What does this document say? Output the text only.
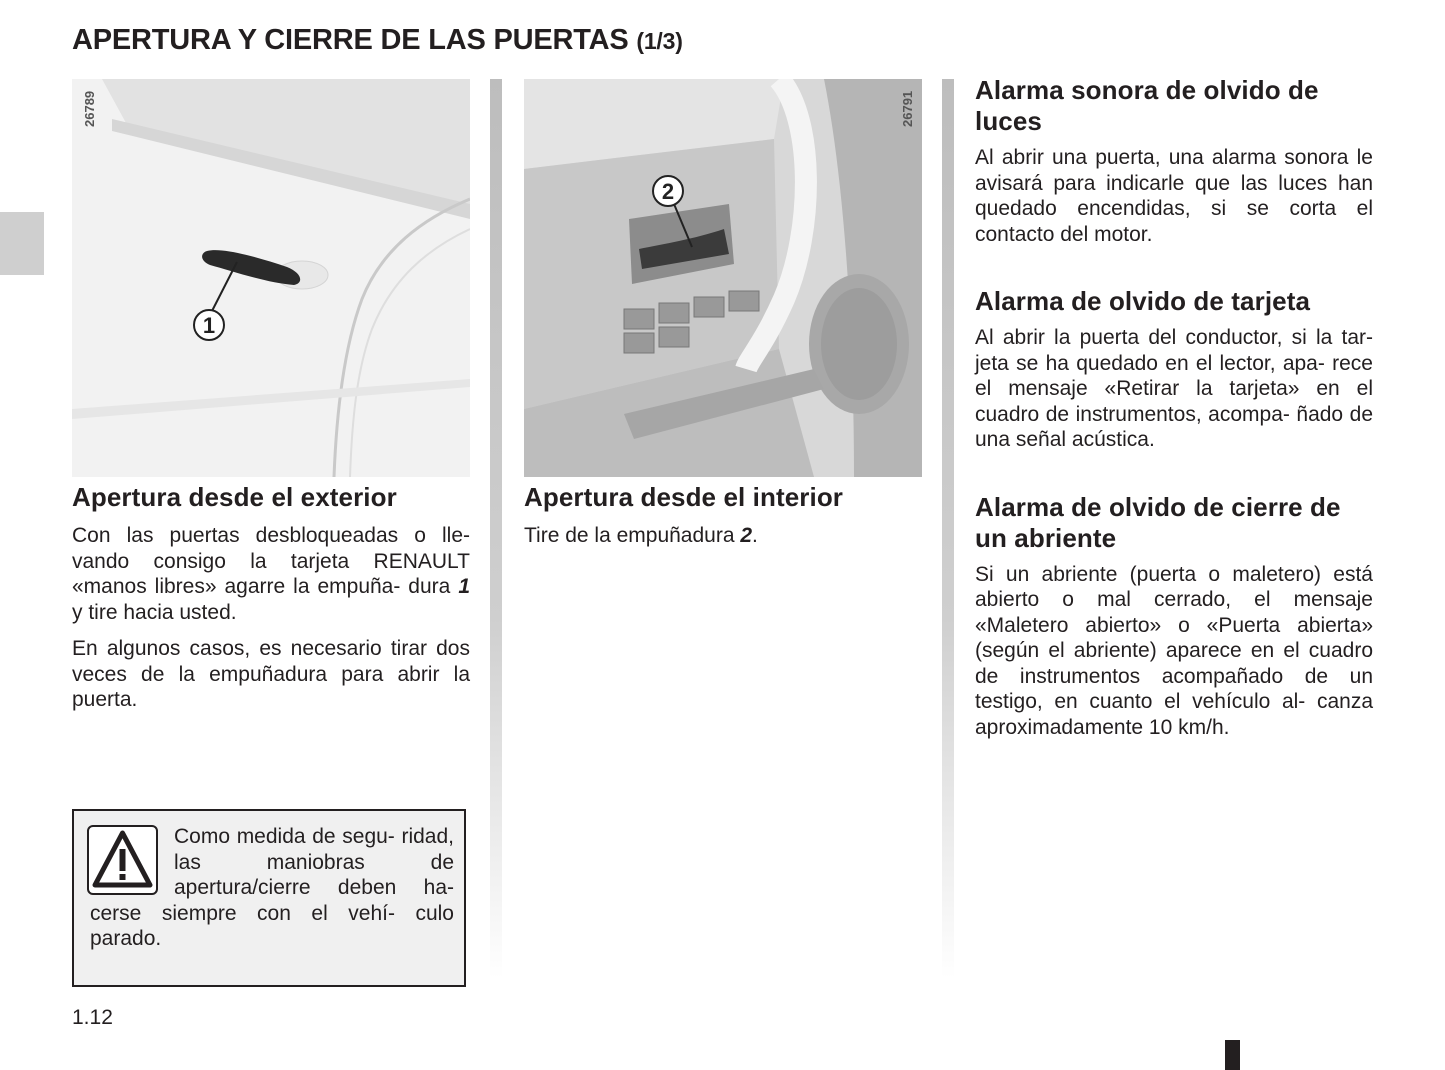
APERTURA Y CIERRE DE LAS PUERTAS (1/3)
1
26789
2
26791
Apertura desde el exterior

Con las puertas desbloqueadas o lle- vando consigo la tarjeta RENAULT «manos libres» agarre la empuña- dura 1 y tire hacia usted.

En algunos casos, es necesario tirar dos veces de la empuñadura para abrir la puerta.

Apertura desde el interior

Tire de la empuñadura 2.

Alarma sonora de olvido de luces

Al abrir una puerta, una alarma sonora le avisará para indicarle que las luces han quedado encendidas, si se corta el contacto del motor.

Alarma de olvido de tarjeta

Al abrir la puerta del conductor, si la tar- jeta se ha quedado en el lector, apa- rece el mensaje «Retirar la tarjeta» en el cuadro de instrumentos, acompa- ñado de una señal acústica.

Alarma de olvido de cierre de un abriente

Si un abriente (puerta o maletero) está abierto o mal cerrado, el mensaje «Maletero abierto» o «Puerta abierta» (según el abriente) aparece en el cuadro de instrumentos acompañado de un testigo, en cuanto el vehículo al- canza aproximadamente 10 km/h.

Como medida de segu- ridad, las maniobras de apertura/cierre deben ha- cerse siempre con el vehí- culo parado.
1.12
